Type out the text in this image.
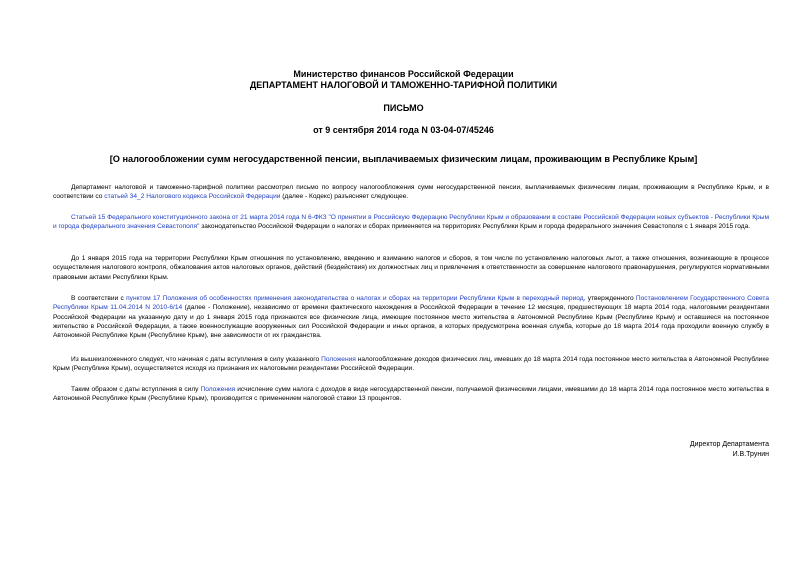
Министерство финансов Российской Федерации
ДЕПАРТАМЕНТ НАЛОГОВОЙ И ТАМОЖЕННО-ТАРИФНОЙ ПОЛИТИКИ
ПИСЬМО
от 9 сентября 2014 года N 03-04-07/45246
[О налогообложении сумм негосударственной пенсии, выплачиваемых физическим лицам, проживающим в Республике Крым]

Департамент налоговой и таможенно-тарифной политики рассмотрел письмо по вопросу налогообложения сумм негосударственной пенсии, выплачиваемых физическим лицам, проживающим в Республике Крым, и в соответствии со статьей 34_2 Налогового кодекса Российской Федерации (далее - Кодекс) разъясняет следующее.

Статьей 15 Федерального конституционного закона от 21 марта 2014 года N 6-ФКЗ "О принятии в Российскую Федерацию Республики Крым и образовании в составе Российской Федерации новых субъектов - Республики Крым и города федерального значения Севастополя" законодательство Российской Федерации о налогах и сборах применяется на территориях Республики Крым и города федерального значения Севастополя с 1 января 2015 года.

До 1 января 2015 года на территории Республики Крым отношения по установлению, введению и взиманию налогов и сборов, в том числе по установлению налоговых льгот, а также отношения, возникающие в процессе осуществления налогового контроля, обжалования актов налоговых органов, действий (бездействия) их должностных лиц и привлечения к ответственности за совершение налогового правонарушения, регулируются нормативными правовыми актами Республики Крым.

В соответствии с пунктом 17 Положения об особенностях применения законодательства о налогах и сборах на территории Республики Крым в переходный период, утвержденного Постановлением Государственного Совета Республики Крым 11.04.2014 N 2010-6/14 (далее - Положение), независимо от времени фактического нахождения в Российской Федерации в течение 12 месяцев, предшествующих 18 марта 2014 года, налоговыми резидентами Российской Федерации на указанную дату и до 1 января 2015 года признаются все физические лица, имеющие постоянное место жительства в Автономной Республике Крым (Республике Крым) и оставшиеся на постоянное жительство в Российской Федерации, а также военнослужащие вооруженных сил Российской Федерации и иных органов, в которых предусмотрена военная служба, которые до 18 марта 2014 года проходили военную службу в Автономной Республике Крым (Республике Крым), вне зависимости от их гражданства.

Из вышеизложенного следует, что начиная с даты вступления в силу указанного Положения налогообложение доходов физических лиц, имевших до 18 марта 2014 года постоянное место жительства в Автономной Республике Крым (Республике Крым), осуществляется исходя из признания их налоговыми резидентами Российской Федерации.

Таким образом с даты вступления в силу Положения исчисление сумм налога с доходов в виде негосударственной пенсии, получаемой физическими лицами, имевшими до 18 марта 2014 года постоянное место жительства в Автономной Республике Крым (Республике Крым), производится с применением налоговой ставки 13 процентов.

Директор Департамента
И.В.Трунин
